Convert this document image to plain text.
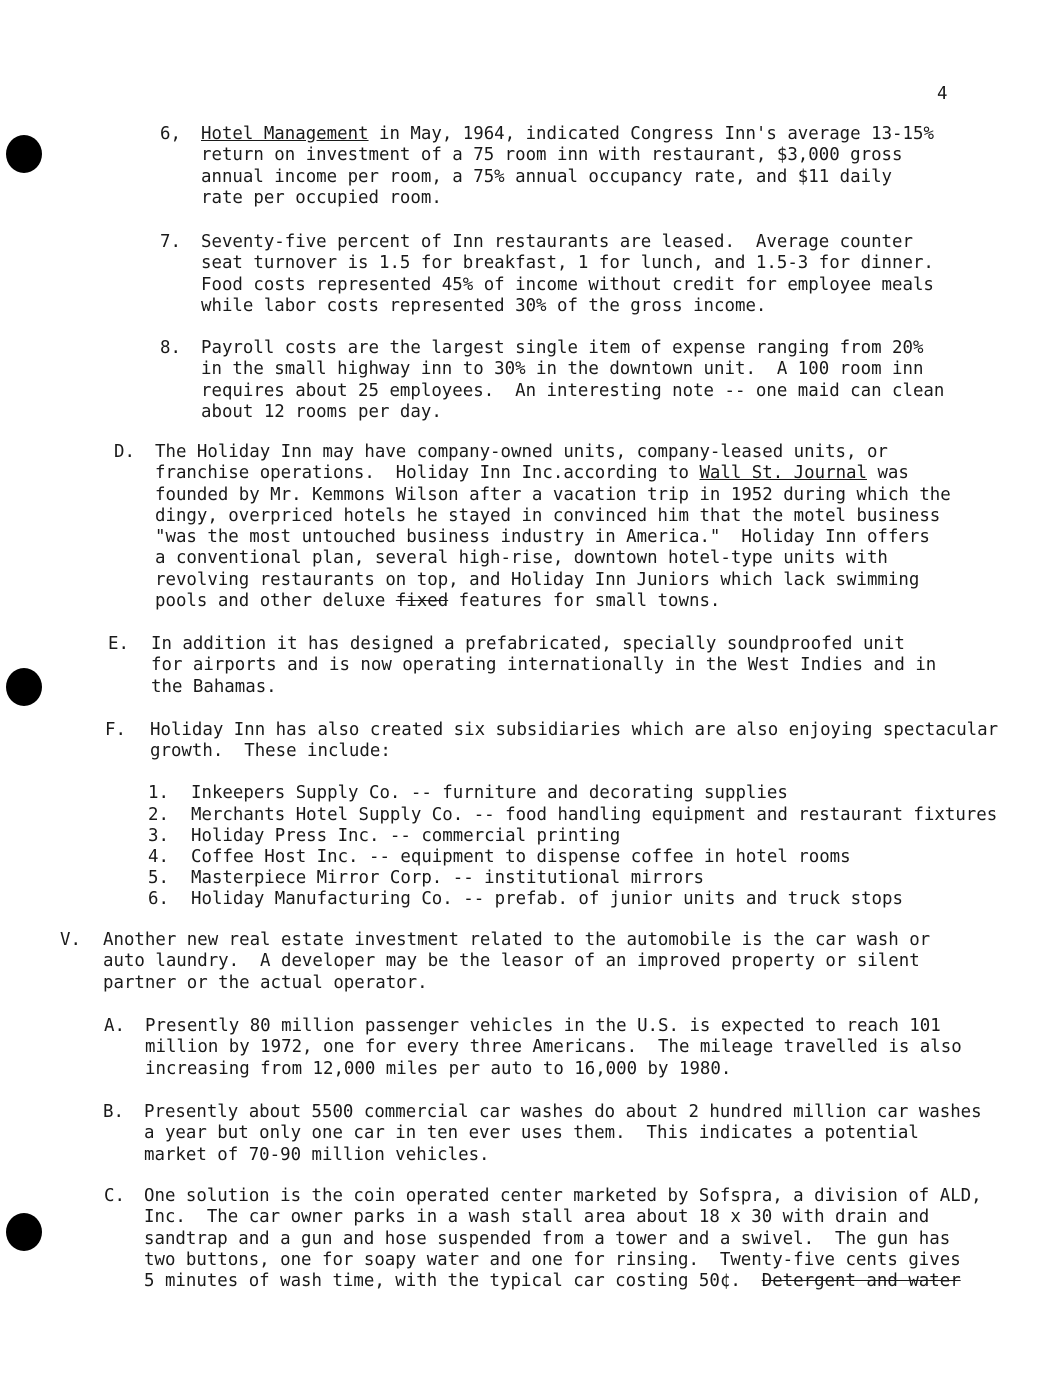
4
6, Hotel Management in May, 1964, indicated Congress Inn's average 13-15%
return on investment of a 75 room inn with restaurant, $3,000 gross
annual income per room, a 75% annual occupancy rate, and $11 daily
rate per occupied room.
7. Seventy-five percent of Inn restaurants are leased.  Average counter
seat turnover is 1.5 for breakfast, 1 for lunch, and 1.5-3 for dinner.
Food costs represented 45% of income without credit for employee meals
while labor costs represented 30% of the gross income.
8. Payroll costs are the largest single item of expense ranging from 20%
in the small highway inn to 30% in the downtown unit.  A 100 room inn
requires about 25 employees.  An interesting note -- one maid can clean
about 12 rooms per day.
D. The Holiday Inn may have company-owned units, company-leased units, or
franchise operations.  Holiday Inn Inc.according to Wall St. Journal was
founded by Mr. Kemmons Wilson after a vacation trip in 1952 during which the
dingy, overpriced hotels he stayed in convinced him that the motel business
"was the most untouched business industry in America."  Holiday Inn offers
a conventional plan, several high-rise, downtown hotel-type units with
revolving restaurants on top, and Holiday Inn Juniors which lack swimming
pools and other deluxe fixed features for small towns.
E. In addition it has designed a prefabricated, specially soundproofed unit
for airports and is now operating internationally in the West Indies and in
the Bahamas.
F. Holiday Inn has also created six subsidiaries which are also enjoying spectacular
growth.  These include:
1. Inkeepers Supply Co. -- furniture and decorating supplies
2. Merchants Hotel Supply Co. -- food handling equipment and restaurant fixtures
3. Holiday Press Inc. -- commercial printing
4. Coffee Host Inc. -- equipment to dispense coffee in hotel rooms
5. Masterpiece Mirror Corp. -- institutional mirrors
6. Holiday Manufacturing Co. -- prefab. of junior units and truck stops
V. Another new real estate investment related to the automobile is the car wash or
auto laundry.  A developer may be the leasor of an improved property or silent
partner or the actual operator.
A. Presently 80 million passenger vehicles in the U.S. is expected to reach 101
million by 1972, one for every three Americans.  The mileage travelled is also
increasing from 12,000 miles per auto to 16,000 by 1980.
B. Presently about 5500 commercial car washes do about 2 hundred million car washes
a year but only one car in ten ever uses them.  This indicates a potential
market of 70-90 million vehicles.
C. One solution is the coin operated center marketed by Sofspra, a division of ALD,
Inc.  The car owner parks in a wash stall area about 18 x 30 with drain and
sandtrap and a gun and hose suspended from a tower and a swivel.  The gun has
two buttons, one for soapy water and one for rinsing.  Twenty-five cents gives
5 minutes of wash time, with the typical car costing 50¢.  Detergent and water
